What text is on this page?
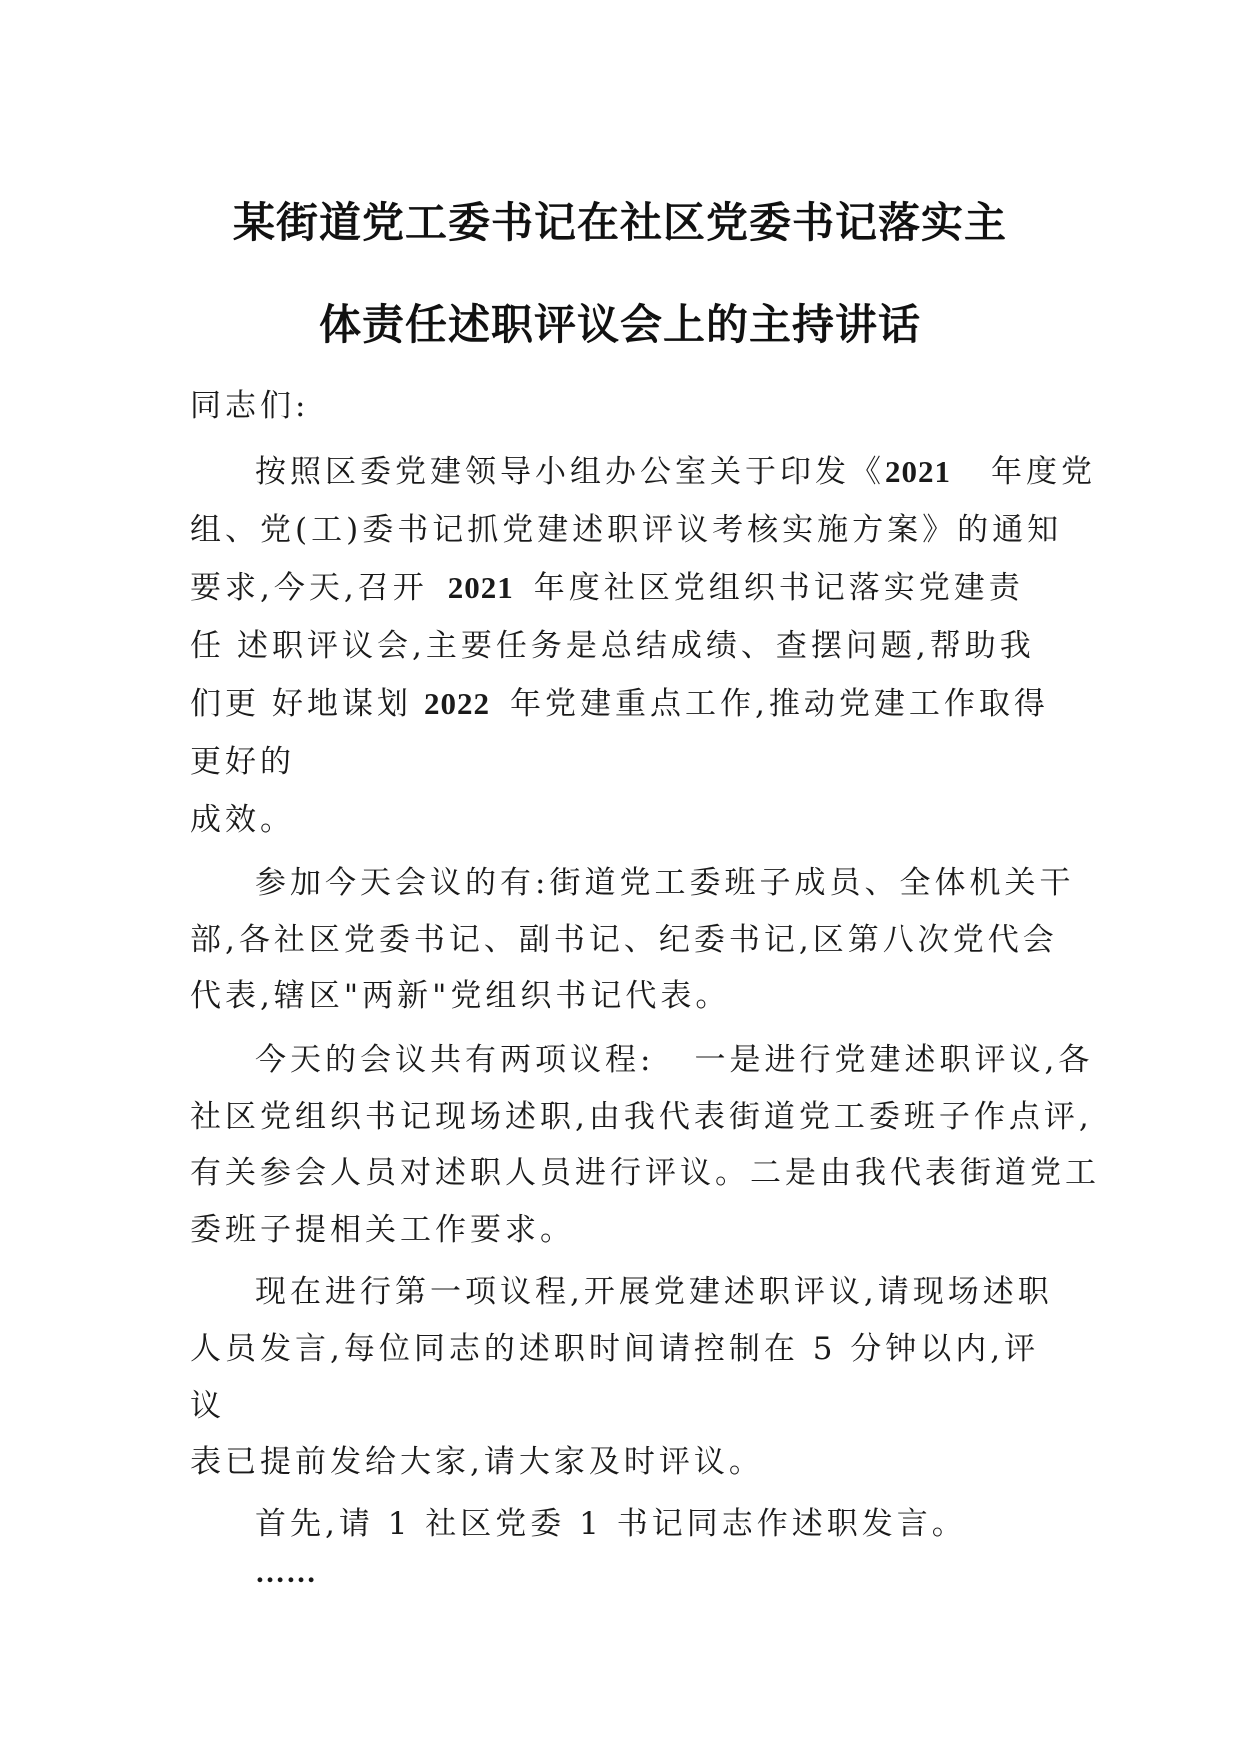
某街道党工委书记在社区党委书记落实主
体责任述职评议会上的主持讲话
同志们:
按照区委党建领导小组办公室关于印发《2021 年度党
组、党(工)委书记抓党建述职评议考核实施方案》的通知
要求,今天,召开 2021 年度社区党组织书记落实党建责
任 述职评议会,主要任务是总结成绩、查摆问题,帮助我
们更 好地谋划 2022 年党建重点工作,推动党建工作取得
更好的
成效。
参加今天会议的有:街道党工委班子成员、全体机关干
部,各社区党委书记、副书记、纪委书记,区第八次党代会
代表,辖区"两新"党组织书记代表。
今天的会议共有两项议程: 一是进行党建述职评议,各
社区党组织书记现场述职,由我代表街道党工委班子作点评,
有关参会人员对述职人员进行评议。二是由我代表街道党工
委班子提相关工作要求。
现在进行第一项议程,开展党建述职评议,请现场述职
人员发言,每位同志的述职时间请控制在 5 分钟以内,评
议
表已提前发给大家,请大家及时评议。
首先,请 1 社区党委 1 书记同志作述职发言。
……
